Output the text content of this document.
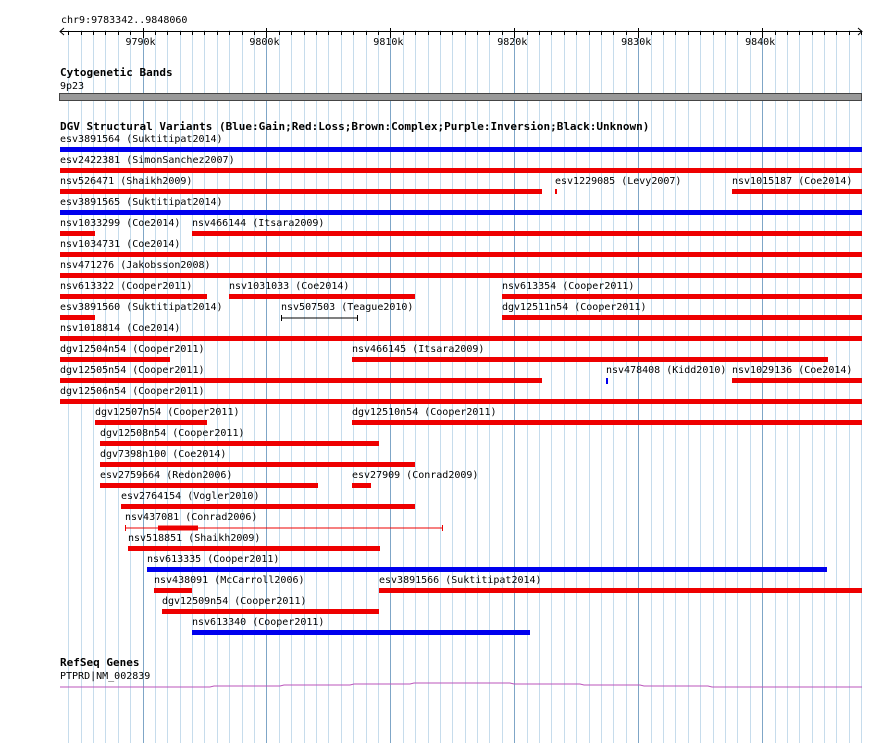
chr9:9783342..9848060
9790k	9800k	9810k	9820k	9830k	9840k
Cytogenetic Bands
9p23
DGV Structural Variants (Blue:Gain;Red:Loss;Brown:Complex;Purple:Inversion;Black:Unknown)
RefSeq Genes
PTPRD|NM_002839
esv3891564 (Suktitipat2014)
esv2422381 (SimonSanchez2007)
nsv526471 (Shaikh2009)	esv1229085 (Levy2007)	nsv1015187 (Coe2014)
esv3891565 (Suktitipat2014)
nsv1033299 (Coe2014) nsv466144 (Itsara2009)
nsv1034731 (Coe2014)
nsv471276 (Jakobsson2008)
nsv613322 (Cooper2011)	nsv1031033 (Coe2014)	nsv613354 (Cooper2011)
esv3891560 (Suktitipat2014)	nsv507503 (Teague2010)	dgv12511n54 (Cooper2011)
nsv1018814 (Coe2014)
dgv12504n54 (Cooper2011)	nsv466145 (Itsara2009)
dgv12505n54 (Cooper2011)	nsv478408 (Kidd2010) nsv1029136 (Coe2014)
dgv12506n54 (Cooper2011)
dgv12507n54 (Cooper2011)	dgv12510n54 (Cooper2011)
dgv12508n54 (Cooper2011)
dgv7398n100 (Coe2014)
esv2759664 (Redon2006)	esv27909 (Conrad2009)
esv2764154 (Vogler2010)
nsv437081 (Conrad2006)
nsv518851 (Shaikh2009)
nsv613335 (Cooper2011)
nsv438091 (McCarroll2006)	esv3891566 (Suktitipat2014)
dgv12509n54 (Cooper2011)
nsv613340 (Cooper2011)
